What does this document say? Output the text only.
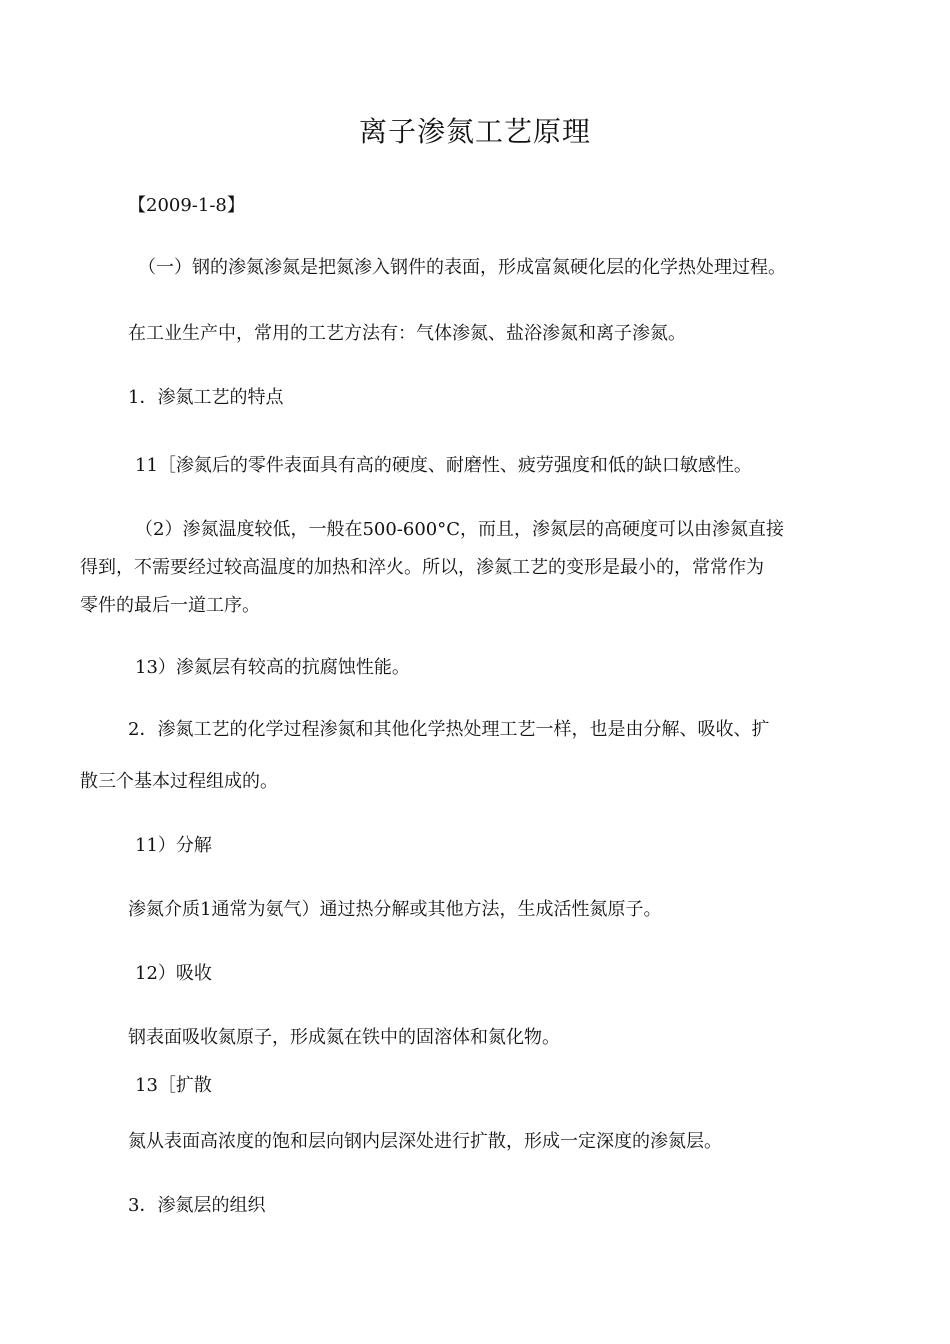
离子渗氮工艺原理
【2009-1-8】
（一）钢的渗氮渗氮是把氮渗入钢件的表面，形成富氮硬化层的化学热处理过程。
在工业生产中，常用的工艺方法有：气体渗氮、盐浴渗氮和离子渗氮。
1．渗氮工艺的特点
11［渗氮后的零件表面具有高的硬度、耐磨性、疲劳强度和低的缺口敏感性。
（2）渗氮温度较低，一般在500-600°C，而且，渗氮层的高硬度可以由渗氮直接
得到，不需要经过较高温度的加热和淬火。所以，渗氮工艺的变形是最小的，常常作为
零件的最后一道工序。
13）渗氮层有较高的抗腐蚀性能。
2．渗氮工艺的化学过程渗氮和其他化学热处理工艺一样，也是由分解、吸收、扩
散三个基本过程组成的。
11）分解
渗氮介质1通常为氨气）通过热分解或其他方法，生成活性氮原子。
12）吸收
钢表面吸收氮原子，形成氮在铁中的固溶体和氮化物。
13［扩散
氮从表面高浓度的饱和层向钢内层深处进行扩散，形成一定深度的渗氮层。
3．渗氮层的组织
